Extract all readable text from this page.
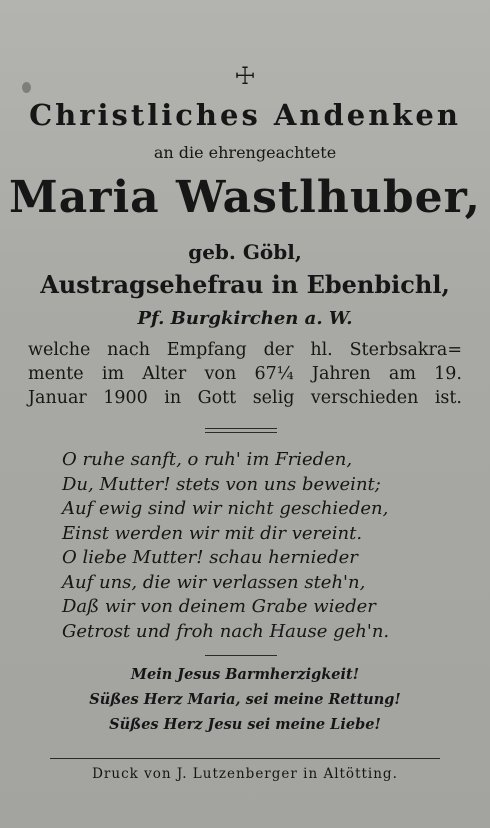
☩
Christliches Andenken
an die ehrengeachtete
Maria Wastlhuber,
geb. Göbl,
Austragsehefrau in Ebenbichl,
Pf. Burgkirchen a. W.
welche nach Empfang der hl. Sterbsakra=
mente im Alter von 67¼ Jahren am 19.
Januar 1900 in Gott selig verschieden ist.
O ruhe sanft, o ruh' im Frieden,
Du, Mutter! stets von uns beweint;
Auf ewig sind wir nicht geschieden,
Einst werden wir mit dir vereint.
O liebe Mutter! schau hernieder
Auf uns, die wir verlassen steh'n,
Daß wir von deinem Grabe wieder
Getrost und froh nach Hause geh'n.
Mein Jesus Barmherzigkeit!
Süßes Herz Maria, sei meine Rettung!
Süßes Herz Jesu sei meine Liebe!
Druck von J. Lutzenberger in Altötting.
